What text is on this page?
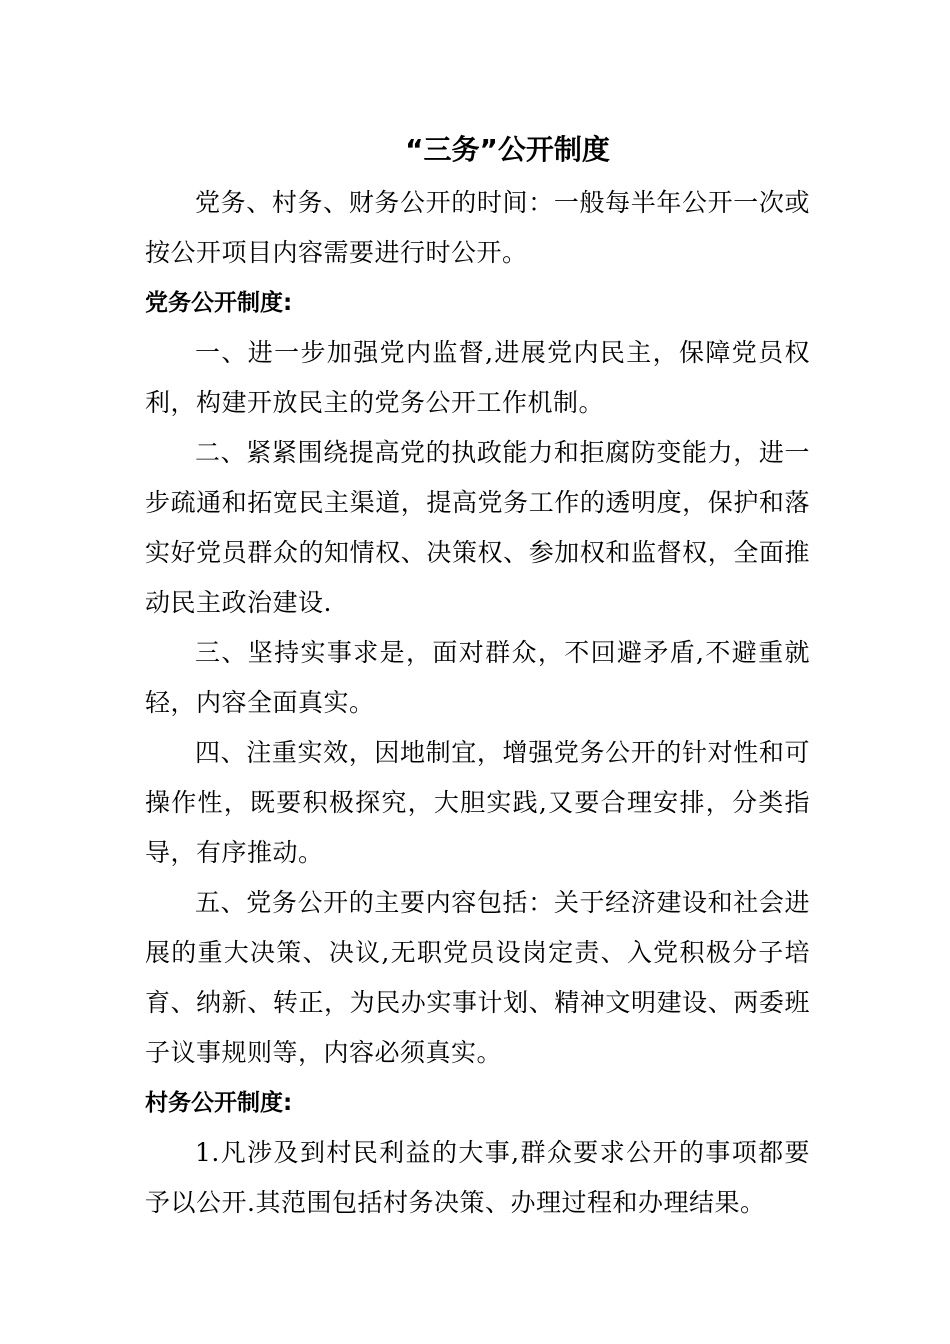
“三务”公开制度

党务、村务、财务公开的时间：一般每半年公开一次或按公开项目内容需要进行时公开。

党务公开制度:

一、进一步加强党内监督,进展党内民主，保障党员权利，构建开放民主的党务公开工作机制。

二、紧紧围绕提高党的执政能力和拒腐防变能力，进一步疏通和拓宽民主渠道，提高党务工作的透明度，保护和落实好党员群众的知情权、决策权、参加权和监督权，全面推动民主政治建设.

三、坚持实事求是，面对群众，不回避矛盾,不避重就轻，内容全面真实。

四、注重实效，因地制宜，增强党务公开的针对性和可操作性，既要积极探究，大胆实践,又要合理安排，分类指导，有序推动。

五、党务公开的主要内容包括：关于经济建设和社会进展的重大决策、决议,无职党员设岗定责、入党积极分子培育、纳新、转正，为民办实事计划、精神文明建设、两委班子议事规则等，内容必须真实。

村务公开制度:

1.凡涉及到村民利益的大事,群众要求公开的事项都要予以公开.其范围包括村务决策、办理过程和办理结果。
